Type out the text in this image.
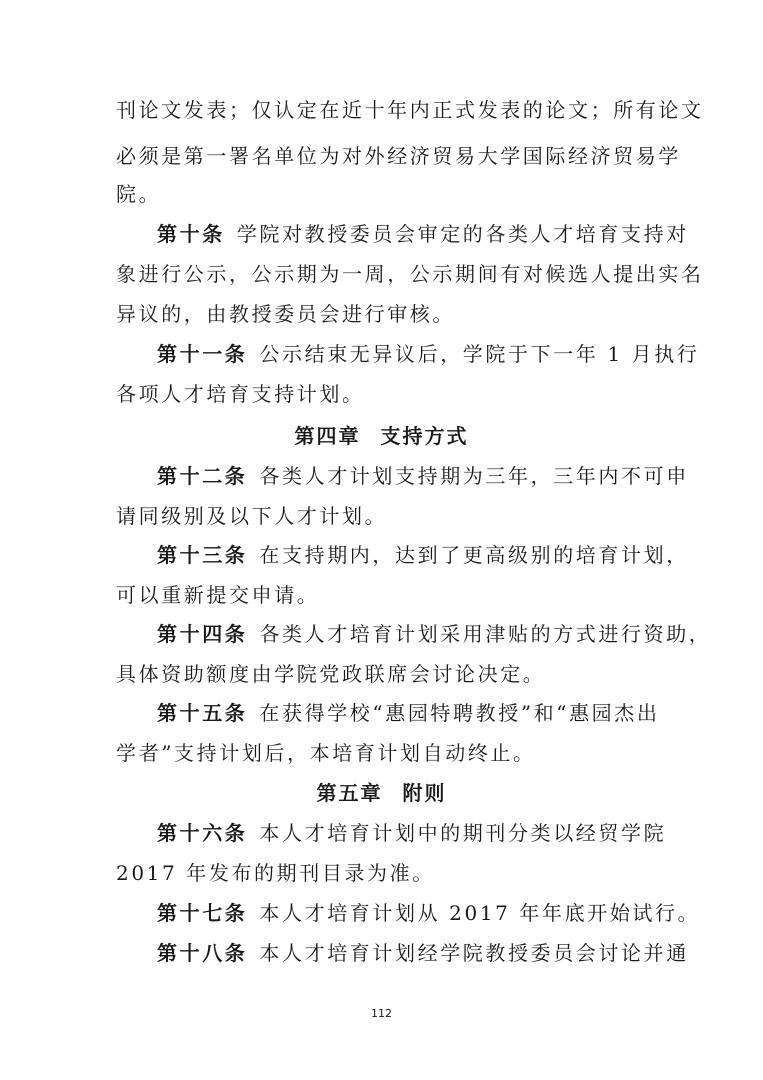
刊论文发表；仅认定在近十年内正式发表的论文；所有论文
必须是第一署名单位为对外经济贸易大学国际经济贸易学
院。
第十条 学院对教授委员会审定的各类人才培育支持对
象进行公示，公示期为一周，公示期间有对候选人提出实名
异议的，由教授委员会进行审核。
第十一条 公示结束无异议后，学院于下一年 1 月执行
各项人才培育支持计划。
第四章 支持方式
第十二条 各类人才计划支持期为三年，三年内不可申
请同级别及以下人才计划。
第十三条 在支持期内，达到了更高级别的培育计划，
可以重新提交申请。
第十四条 各类人才培育计划采用津贴的方式进行资助，
具体资助额度由学院党政联席会讨论决定。
第十五条 在获得学校“惠园特聘教授”和“惠园杰出
学者”支持计划后，本培育计划自动终止。
第五章 附则
第十六条 本人才培育计划中的期刊分类以经贸学院
2017 年发布的期刊目录为准。
第十七条 本人才培育计划从 2017 年年底开始试行。
第十八条 本人才培育计划经学院教授委员会讨论并通
112
